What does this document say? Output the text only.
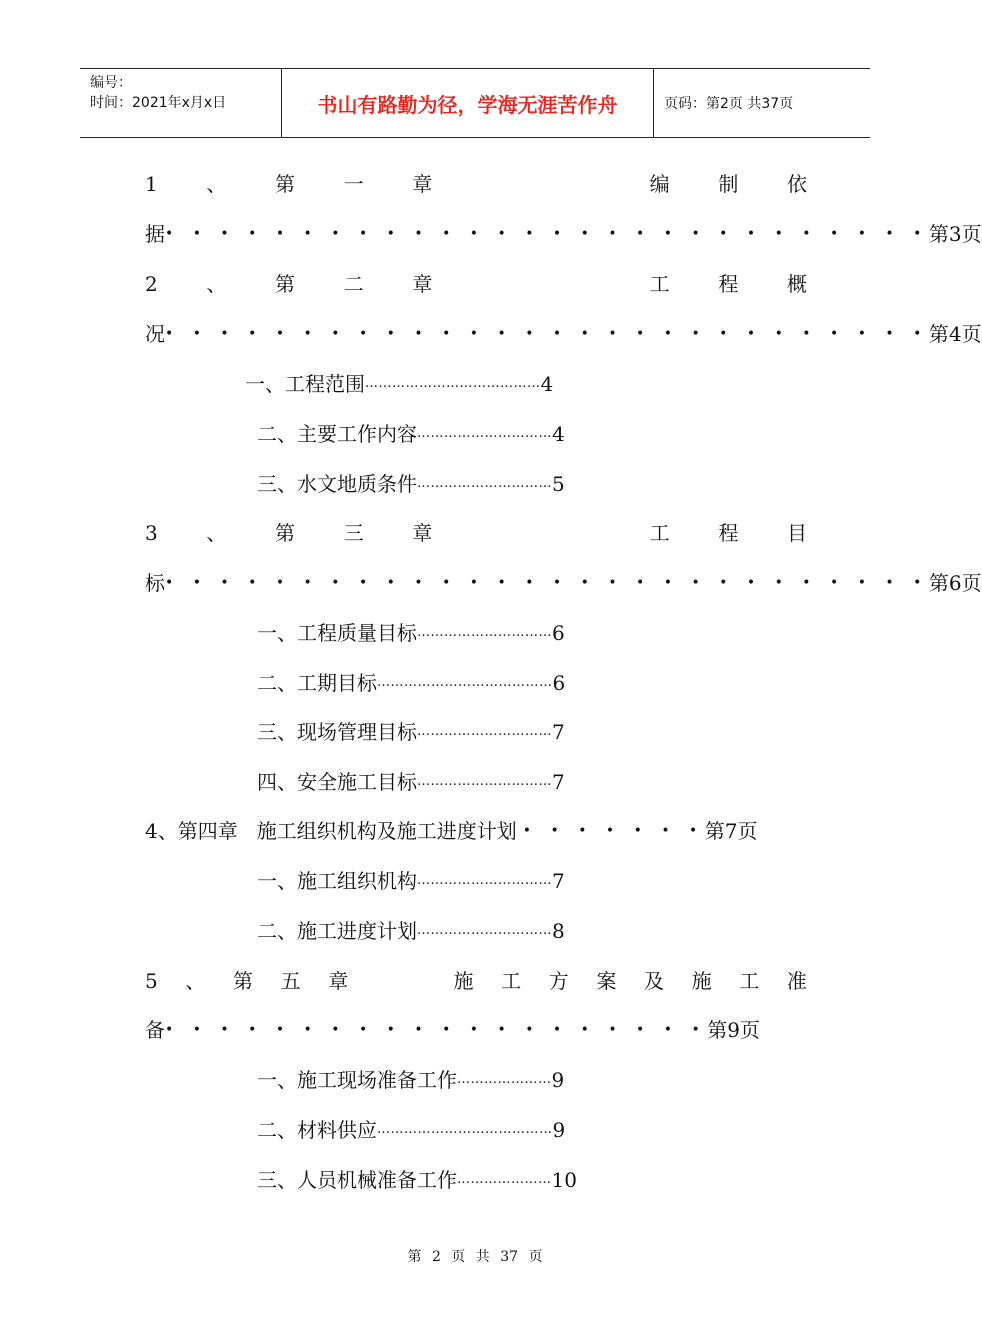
编号：
时间：2021年x月x日	书山有路勤为径，学海无涯苦作舟	页码：第2页 共37页
1 、 第 一 章	编 制 依
据 • • • • • • • • • • • • • • • • • • • • • • • • • • • • 第3页
2 、 第 二 章	工 程 概
况 • • • • • • • • • • • • • • • • • • • • • • • • • • • • 第4页
一、工程范围 ………………………………… 4
二、主要工作内容 ………………………… 4
三、水文地质条件 ………………………… 5
3 、 第 三 章	工 程 目
标 • • • • • • • • • • • • • • • • • • • • • • • • • • • • 第6页
一、工程质量目标 ………………………… 6
二、工期目标 ………………………………… 6
三、现场管理目标 ………………………… 7
四、安全施工目标 ………………………… 7
4、第四章   施工组织机构及施工进度计划 • • • • • • • 第7页
一、施工组织机构 ………………………… 7
二、施工进度计划 ………………………… 8
5 、 第 五 章	施 工 方 案 及 施 工 准
备 • • • • • • • • • • • • • • • • • • • • 第9页
一、施工现场准备工作 ………………… 9
二、材料供应 ………………………………… 9
三、人员机械准备工作 ………………… 10
第 2 页 共 37 页
